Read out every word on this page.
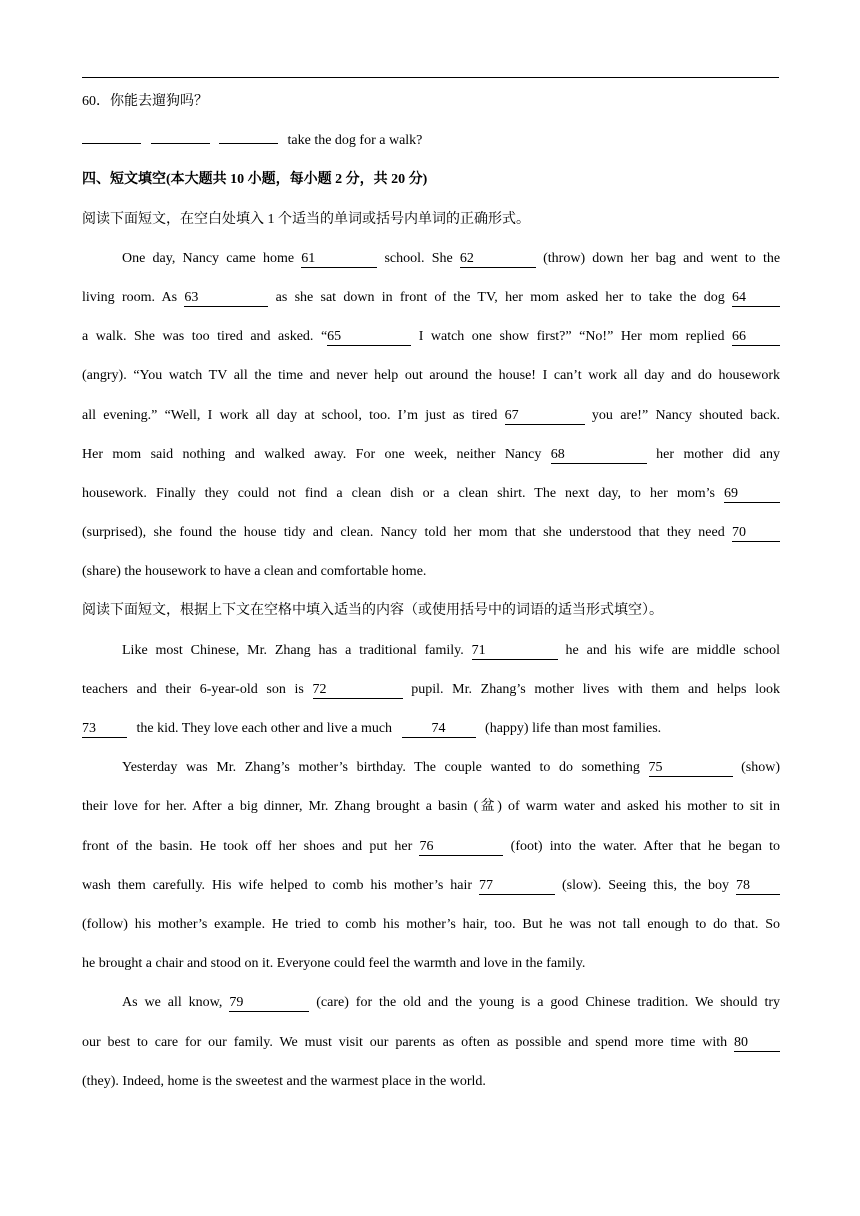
60．你能去遛狗吗？
take the dog for a walk?
四、短文填空(本大题共 10 小题，每小题 2 分，共 20 分)
阅读下面短文，在空白处填入 1 个适当的单词或括号内单词的正确形式。
One day, Nancy came home 61	school. She 62	(throw) down her bag and went to the
living room. As 63	as she sat down in front of the TV, her mom asked her to take the dog 64
a walk. She was too tired and asked. “65	I watch one show first?” “No!” Her mom replied 66
(angry). “You watch TV all the time and never help out around the house! I can’t work all day and do housework
all evening.” “Well, I work all day at school, too. I’m just as tired 67	you are!” Nancy shouted back.
Her mom said nothing and walked away. For one week, neither Nancy 68	her mother did any
housework. Finally they could not find a clean dish or a clean shirt. The next day, to her mom’s 69
(surprised), she found the house tidy and clean. Nancy told her mom that she understood that they need 70
(share) the housework to have a clean and comfortable home.
阅读下面短文，根据上下文在空格中填入适当的内容（或使用括号中的词语的适当形式填空）。
Like most Chinese, Mr. Zhang has a traditional family. 71	he and his wife are middle school
teachers and their 6-year-old son is 72	pupil. Mr. Zhang’s mother lives with them and helps look
73	the kid. They love each other and live a much	74	(happy) life than most families.
Yesterday was Mr. Zhang’s mother’s birthday. The couple wanted to do something 75	(show)
their love for her. After a big dinner, Mr. Zhang brought a basin (盆) of warm water and asked his mother to sit in
front of the basin. He took off her shoes and put her 76	(foot) into the water. After that he began to
wash them carefully. His wife helped to comb his mother’s hair 77	(slow). Seeing this, the boy 78
(follow) his mother’s example. He tried to comb his mother’s hair, too. But he was not tall enough to do that. So
he brought a chair and stood on it. Everyone could feel the warmth and love in the family.
As we all know, 79	(care) for the old and the young is a good Chinese tradition. We should try
our best to care for our family. We must visit our parents as often as possible and spend more time with 80
(they). Indeed, home is the sweetest and the warmest place in the world.
